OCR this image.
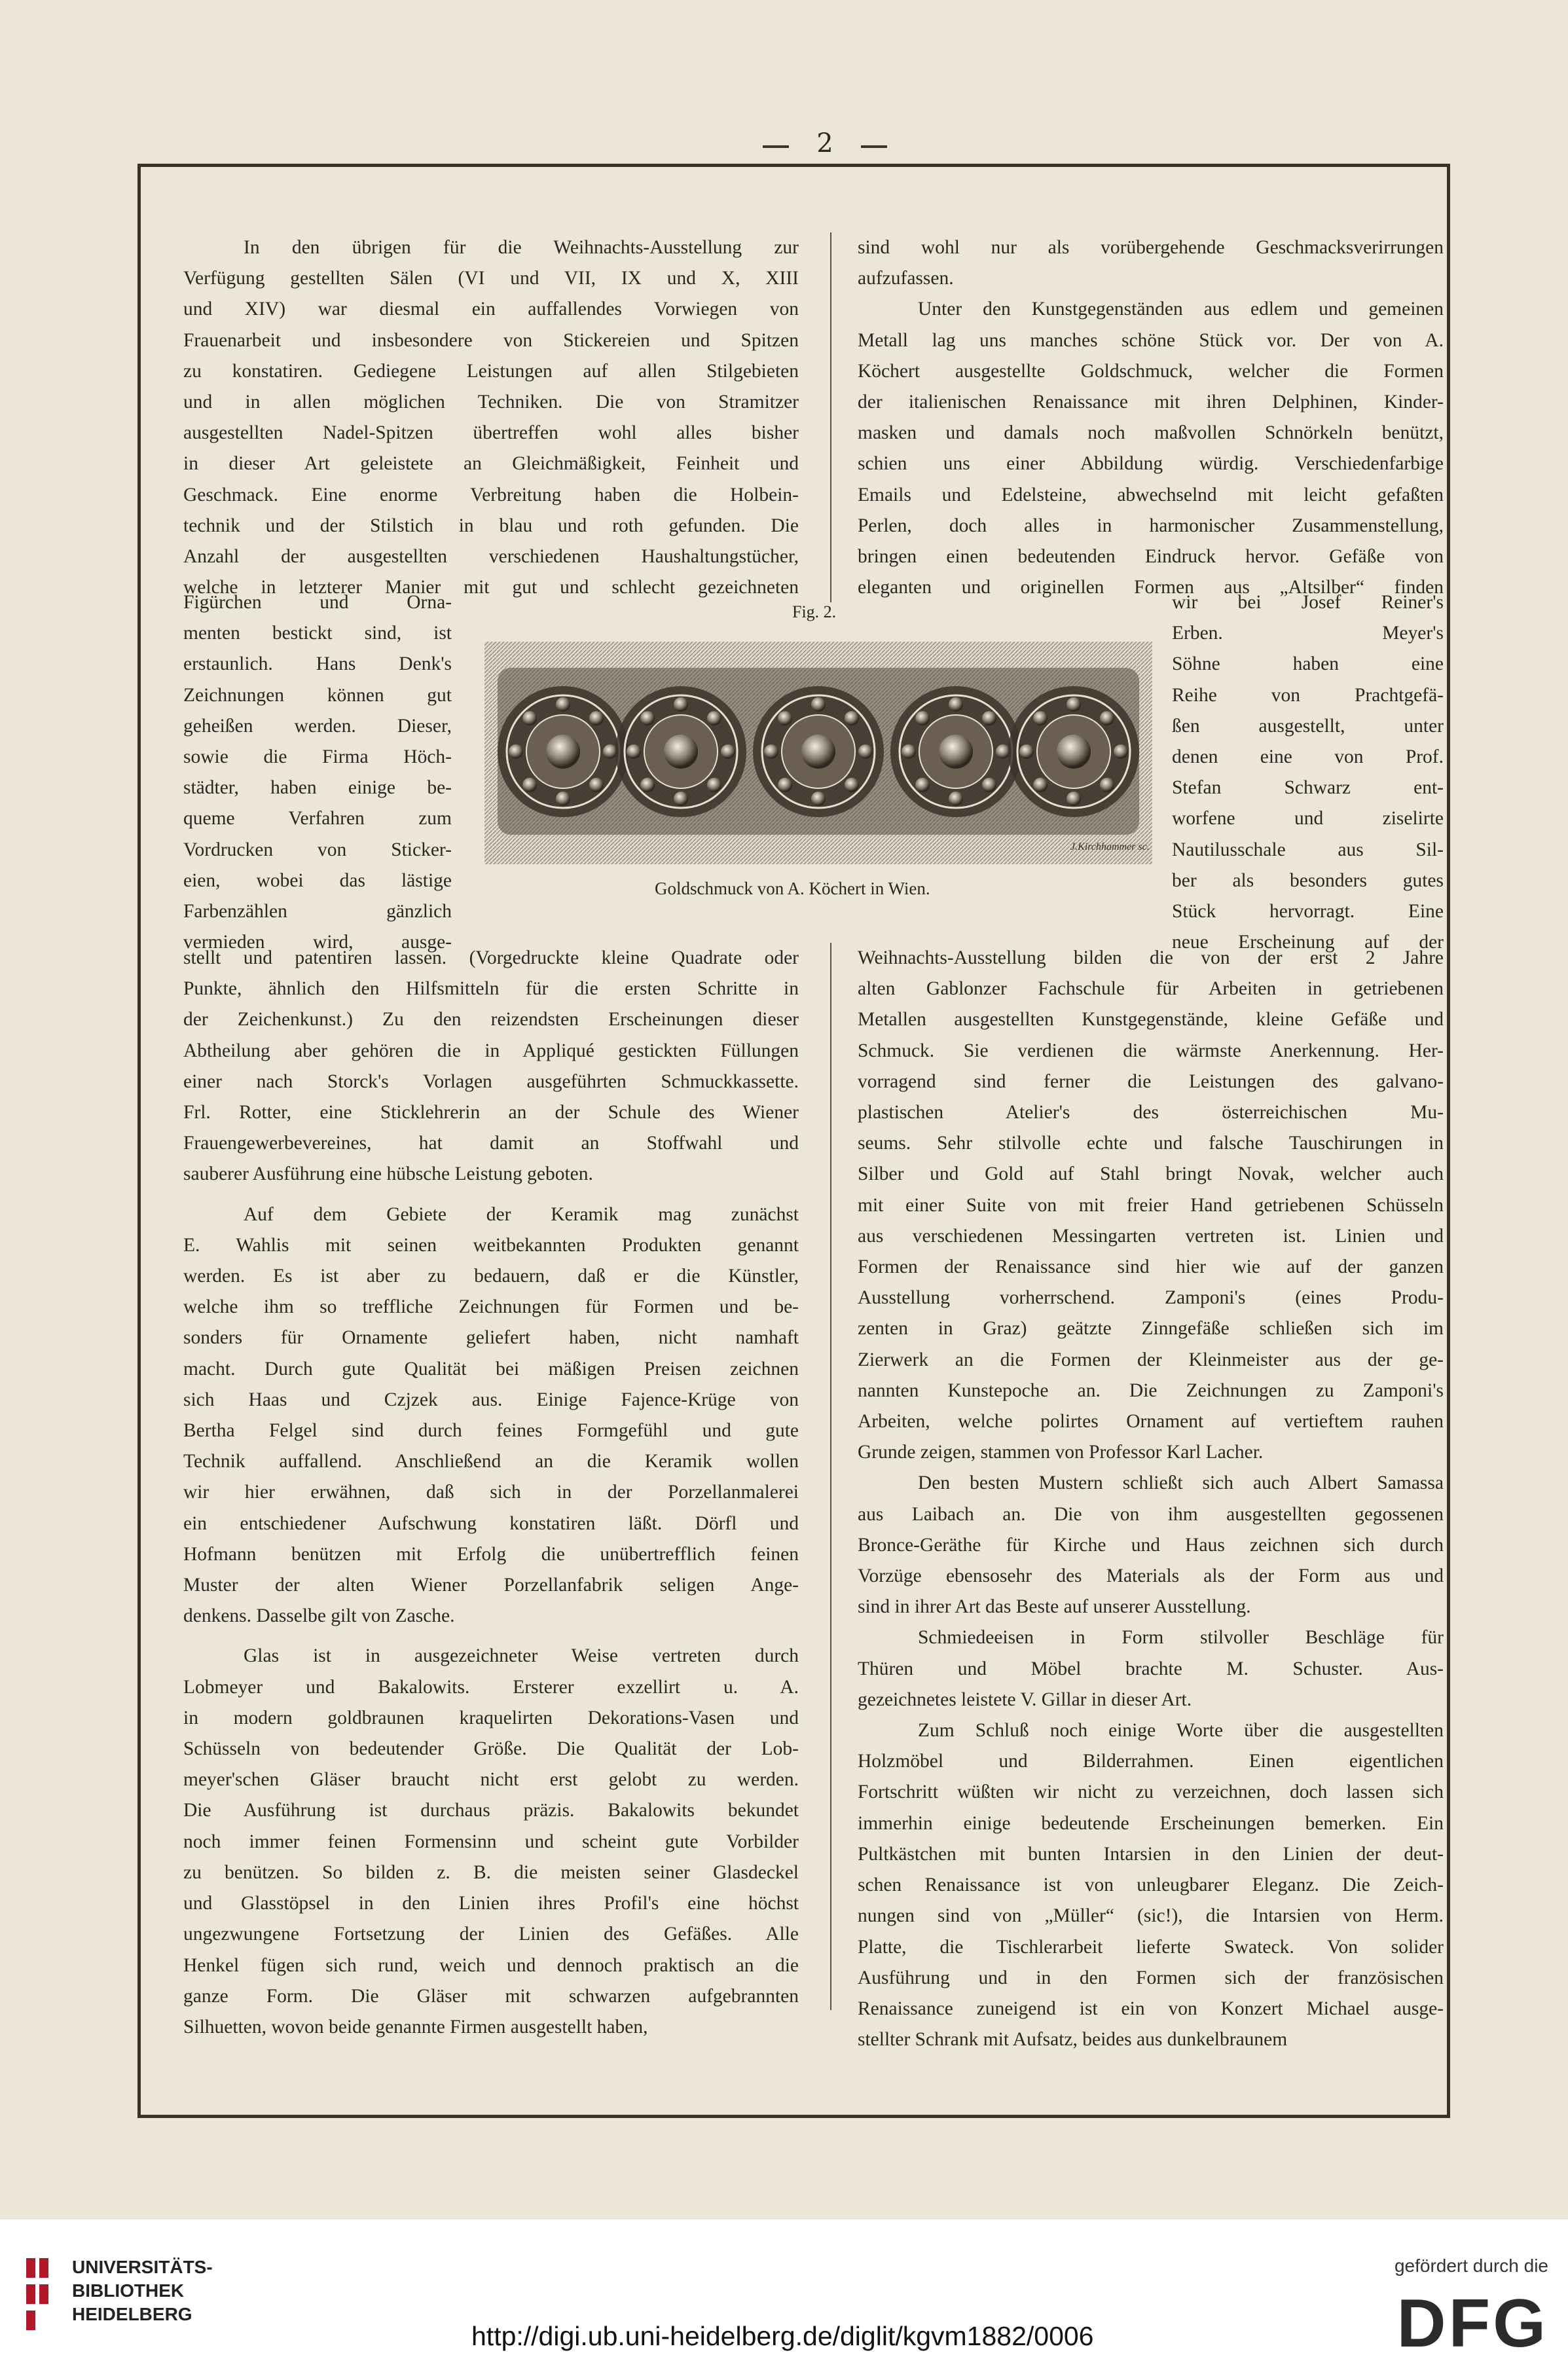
2
In den übrigen für die Weihnachts-Ausstellung zur
Verfügung gestellten Sälen (VI und VII, IX und X, XIII
und XIV) war diesmal ein auffallendes Vorwiegen von
Frauenarbeit und insbesondere von Stickereien und Spitzen
zu konstatiren. Gediegene Leistungen auf allen Stilgebieten
und in allen möglichen Techniken. Die von Stramitzer
ausgestellten Nadel-Spitzen übertreffen wohl alles bisher
in dieser Art geleistete an Gleichmäßigkeit, Feinheit und
Geschmack. Eine enorme Verbreitung haben die Holbein-
technik und der Stilstich in blau und roth gefunden. Die
Anzahl der ausgestellten verschiedenen Haushaltungstücher,
welche in letzterer Manier mit gut und schlecht gezeichneten
sind wohl nur als vorübergehende Geschmacksverirrungen
aufzufassen.
Unter den Kunstgegenständen aus edlem und gemeinen
Metall lag uns manches schöne Stück vor. Der von A.
Köchert ausgestellte Goldschmuck, welcher die Formen
der italienischen Renaissance mit ihren Delphinen, Kinder-
masken und damals noch maßvollen Schnörkeln benützt,
schien uns einer Abbildung würdig. Verschiedenfarbige
Emails und Edelsteine, abwechselnd mit leicht gefaßten
Perlen, doch alles in harmonischer Zusammenstellung,
bringen einen bedeutenden Eindruck hervor. Gefäße von
eleganten und originellen Formen aus „Altsilber“ finden
Figürchen und Orna-
menten bestickt sind, ist
erstaunlich. Hans Denk's
Zeichnungen können gut
geheißen werden. Dieser,
sowie die Firma Höch-
städter, haben einige be-
queme Verfahren zum
Vordrucken von Sticker-
eien, wobei das lästige
Farbenzählen gänzlich
vermieden wird, ausge-
wir bei Josef Reiner's
Erben. Meyer's
Söhne haben eine
Reihe von Prachtgefä-
ßen ausgestellt, unter
denen eine von Prof.
Stefan Schwarz ent-
worfene und ziselirte
Nautilusschale aus Sil-
ber als besonders gutes
Stück hervorragt. Eine
neue Erscheinung auf der
stellt und patentiren lassen. (Vorgedruckte kleine Quadrate oder
Punkte, ähnlich den Hilfsmitteln für die ersten Schritte in
der Zeichenkunst.) Zu den reizendsten Erscheinungen dieser
Abtheilung aber gehören die in Appliqué gestickten Füllungen
einer nach Storck's Vorlagen ausgeführten Schmuckkassette.
Frl. Rotter, eine Sticklehrerin an der Schule des Wiener
Frauengewerbevereines, hat damit an Stoffwahl und
sauberer Ausführung eine hübsche Leistung geboten.

Auf dem Gebiete der Keramik mag zunächst
E. Wahlis mit seinen weitbekannten Produkten genannt
werden. Es ist aber zu bedauern, daß er die Künstler,
welche ihm so treffliche Zeichnungen für Formen und be-
sonders für Ornamente geliefert haben, nicht namhaft
macht. Durch gute Qualität bei mäßigen Preisen zeichnen
sich Haas und Czjzek aus. Einige Fajence-Krüge von
Bertha Felgel sind durch feines Formgefühl und gute
Technik auffallend. Anschließend an die Keramik wollen
wir hier erwähnen, daß sich in der Porzellanmalerei
ein entschiedener Aufschwung konstatiren läßt. Dörfl und
Hofmann benützen mit Erfolg die unübertrefflich feinen
Muster der alten Wiener Porzellanfabrik seligen Ange-
denkens. Dasselbe gilt von Zasche.

Glas ist in ausgezeichneter Weise vertreten durch
Lobmeyer und Bakalowits. Ersterer exzellirt u. A.
in modern goldbraunen kraquelirten Dekorations-Vasen und
Schüsseln von bedeutender Größe. Die Qualität der Lob-
meyer'schen Gläser braucht nicht erst gelobt zu werden.
Die Ausführung ist durchaus präzis. Bakalowits bekundet
noch immer feinen Formensinn und scheint gute Vorbilder
zu benützen. So bilden z. B. die meisten seiner Glasdeckel
und Glasstöpsel in den Linien ihres Profil's eine höchst
ungezwungene Fortsetzung der Linien des Gefäßes. Alle
Henkel fügen sich rund, weich und dennoch praktisch an die
ganze Form. Die Gläser mit schwarzen aufgebrannten
Silhuetten, wovon beide genannte Firmen ausgestellt haben,
Weihnachts-Ausstellung bilden die von der erst 2 Jahre
alten Gablonzer Fachschule für Arbeiten in getriebenen
Metallen ausgestellten Kunstgegenstände, kleine Gefäße und
Schmuck. Sie verdienen die wärmste Anerkennung. Her-
vorragend sind ferner die Leistungen des galvano-
plastischen Atelier's des österreichischen Mu-
seums. Sehr stilvolle echte und falsche Tauschirungen in
Silber und Gold auf Stahl bringt Novak, welcher auch
mit einer Suite von mit freier Hand getriebenen Schüsseln
aus verschiedenen Messingarten vertreten ist. Linien und
Formen der Renaissance sind hier wie auf der ganzen
Ausstellung vorherrschend. Zamponi's (eines Produ-
zenten in Graz) geätzte Zinngefäße schließen sich im
Zierwerk an die Formen der Kleinmeister aus der ge-
nannten Kunstepoche an. Die Zeichnungen zu Zamponi's
Arbeiten, welche polirtes Ornament auf vertieftem rauhen
Grunde zeigen, stammen von Professor Karl Lacher.
Den besten Mustern schließt sich auch Albert Samassa
aus Laibach an. Die von ihm ausgestellten gegossenen
Bronce-Geräthe für Kirche und Haus zeichnen sich durch
Vorzüge ebensosehr des Materials als der Form aus und
sind in ihrer Art das Beste auf unserer Ausstellung.
Schmiedeeisen in Form stilvoller Beschläge für
Thüren und Möbel brachte M. Schuster. Aus-
gezeichnetes leistete V. Gillar in dieser Art.
Zum Schluß noch einige Worte über die ausgestellten
Holzmöbel und Bilderrahmen. Einen eigentlichen
Fortschritt wüßten wir nicht zu verzeichnen, doch lassen sich
immerhin einige bedeutende Erscheinungen bemerken. Ein
Pultkästchen mit bunten Intarsien in den Linien der deut-
schen Renaissance ist von unleugbarer Eleganz. Die Zeich-
nungen sind von „Müller“ (sic!), die Intarsien von Herm.
Platte, die Tischlerarbeit lieferte Swateck. Von solider
Ausführung und in den Formen sich der französischen
Renaissance zuneigend ist ein von Konzert Michael ausge-
stellter Schrank mit Aufsatz, beides aus dunkelbraunem
Fig. 2.
J.Kirchhammer sc.
Goldschmuck von A. Köchert in Wien.
UNIVERSITÄTS-
BIBLIOTHEK
HEIDELBERG
http://digi.ub.uni-heidelberg.de/diglit/kgvm1882/0006
gefördert durch die
DFG
